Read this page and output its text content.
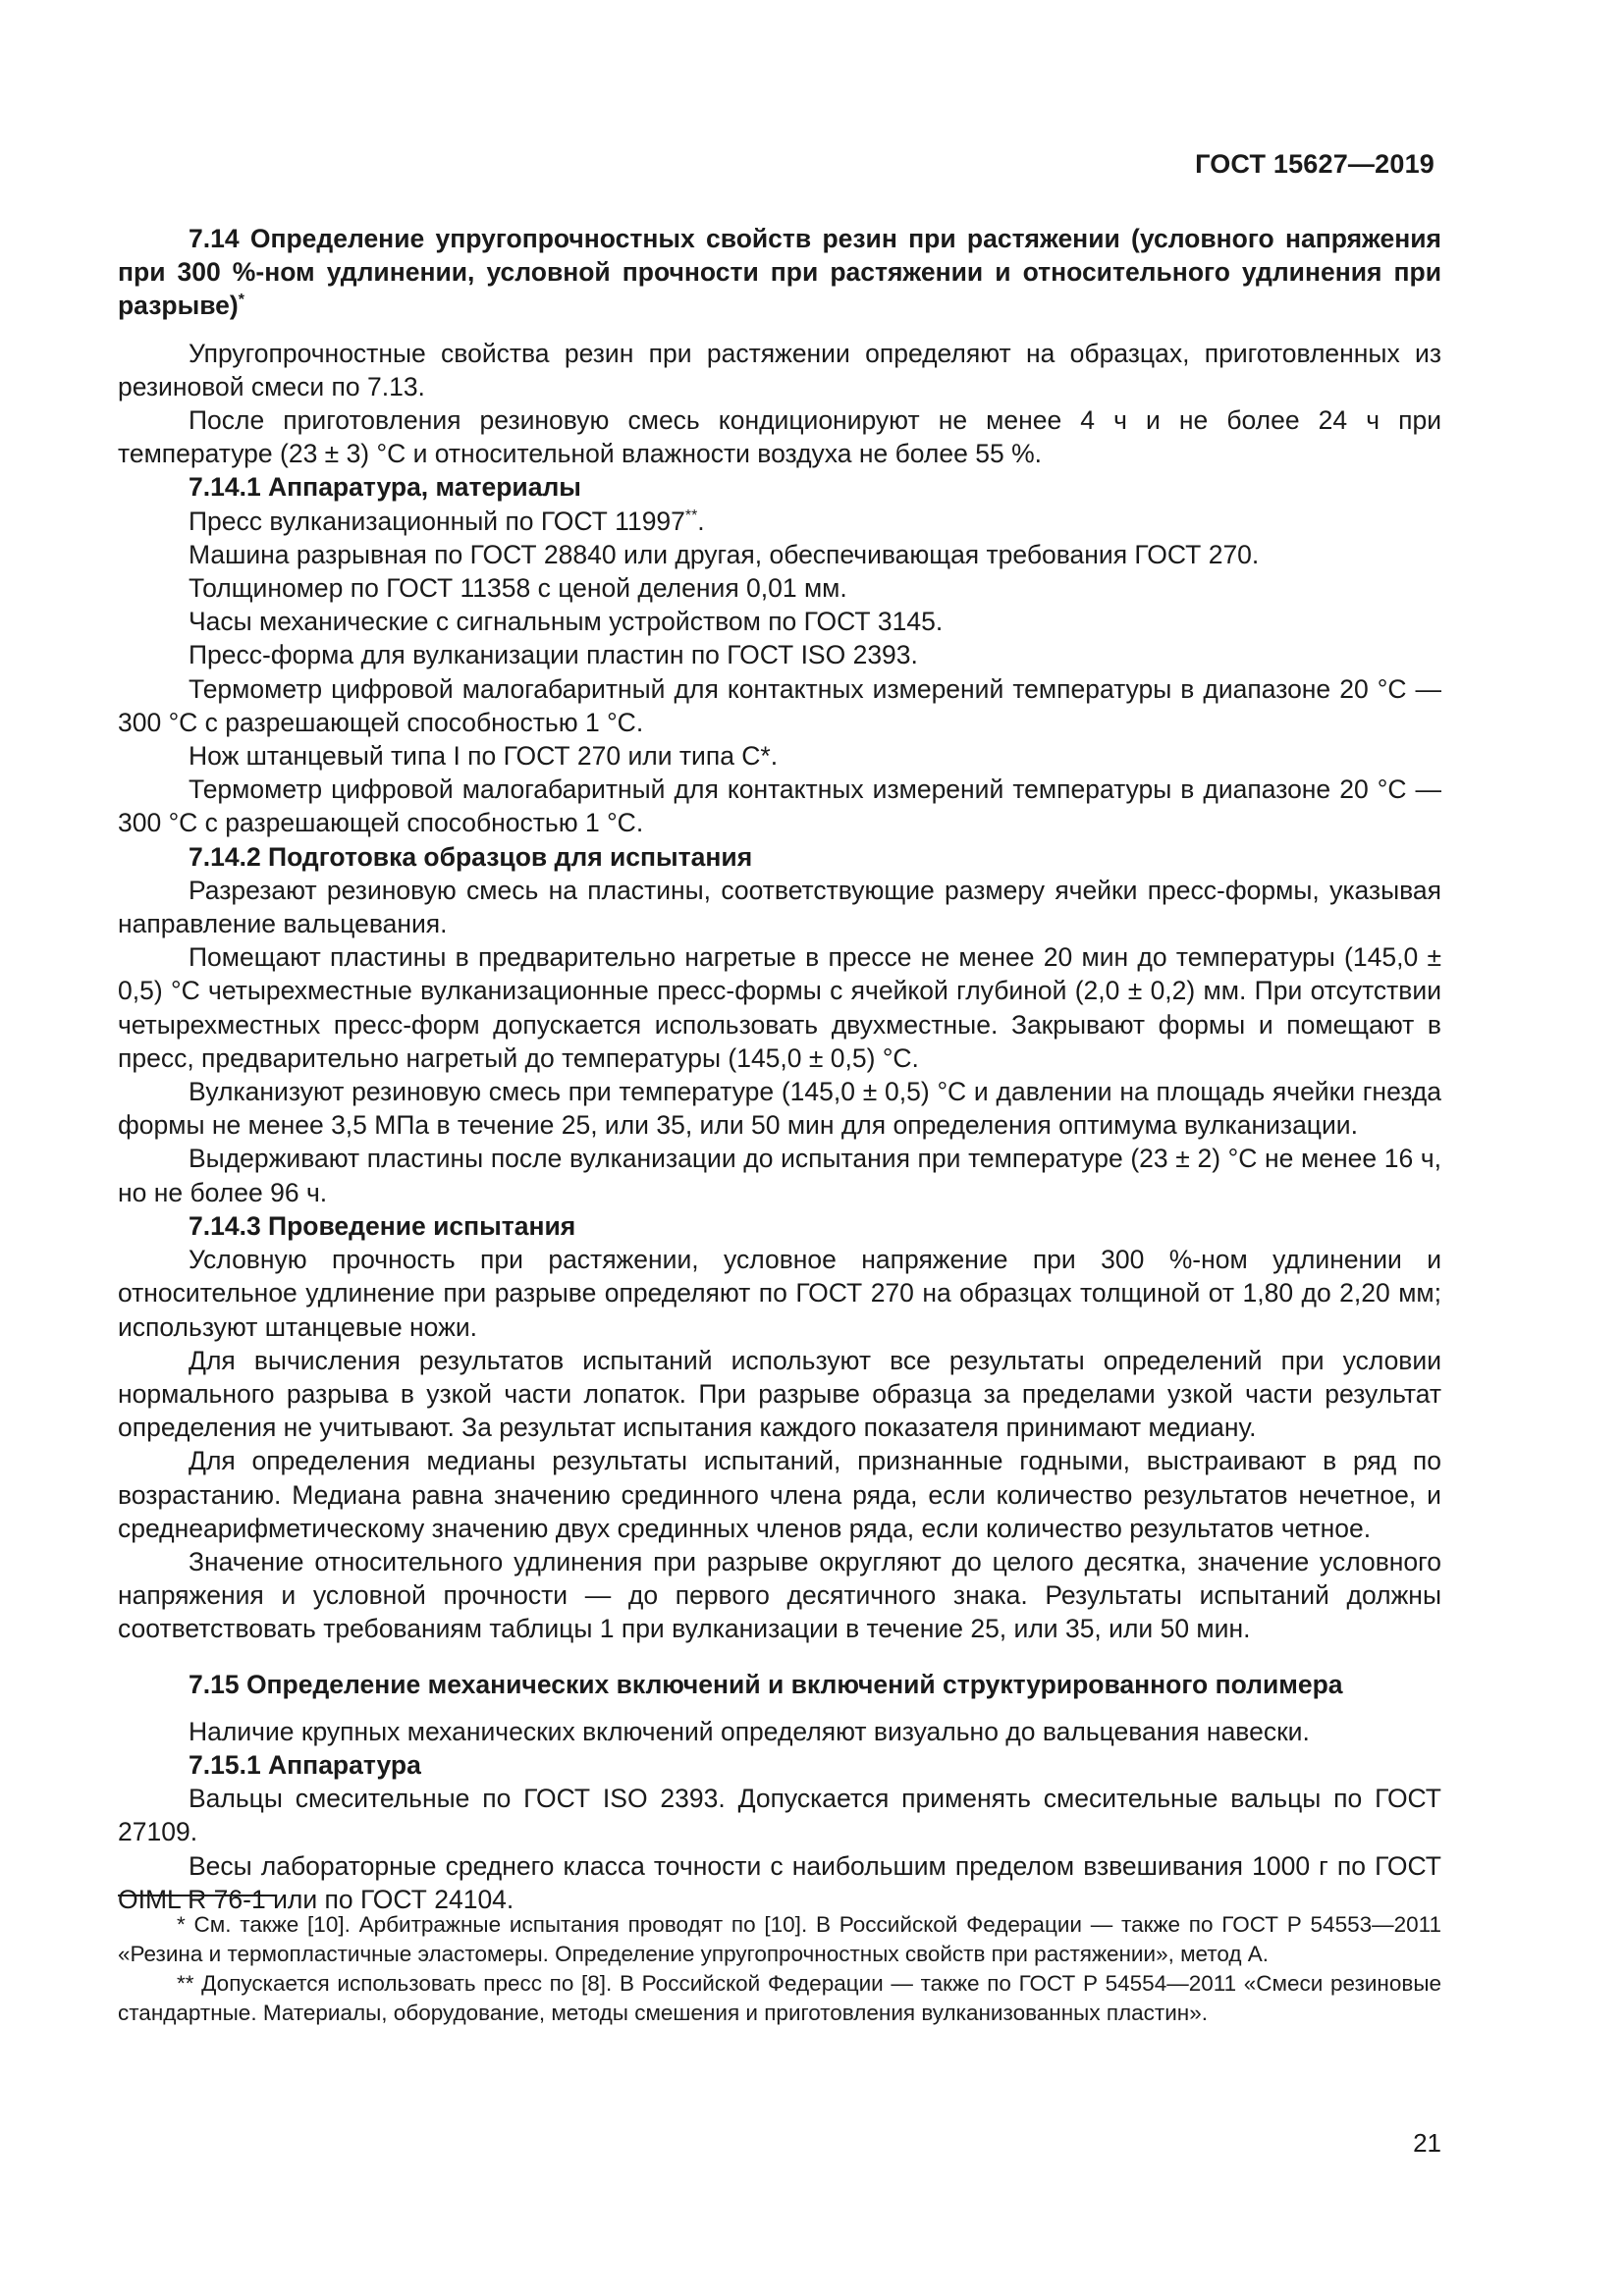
ГОСТ 15627—2019

7.14 Определение упругопрочностных свойств резин при растяжении (условного напряжения при 300 %-ном удлинении, условной прочности при растяжении и относительного удлинения при разрыве)*

Упругопрочностные свойства резин при растяжении определяют на образцах, приготовленных из резиновой смеси по 7.13.

После приготовления резиновую смесь кондиционируют не менее 4 ч и не более 24 ч при температуре (23 ± 3) °С и относительной влажности воздуха не более 55 %.

7.14.1 Аппаратура, материалы

Пресс вулканизационный по ГОСТ 11997**.

Машина разрывная по ГОСТ 28840 или другая, обеспечивающая требования ГОСТ 270.

Толщиномер по ГОСТ 11358 с ценой деления 0,01 мм.

Часы механические с сигнальным устройством по ГОСТ 3145.

Пресс-форма для вулканизации пластин по ГОСТ ISO 2393.

Термометр цифровой малогабаритный для контактных измерений температуры в диапазоне 20 °С — 300 °С с разрешающей способностью 1 °С.

Нож штанцевый типа I по ГОСТ 270 или типа С*.

Термометр цифровой малогабаритный для контактных измерений температуры в диапазоне 20 °С — 300 °С с разрешающей способностью 1 °С.

7.14.2 Подготовка образцов для испытания

Разрезают резиновую смесь на пластины, соответствующие размеру ячейки пресс-формы, указывая направление вальцевания.

Помещают пластины в предварительно нагретые в прессе не менее 20 мин до температуры (145,0 ± 0,5) °С четырехместные вулканизационные пресс-формы с ячейкой глубиной (2,0 ± 0,2) мм. При отсутствии четырехместных пресс-форм допускается использовать двухместные. Закрывают формы и помещают в пресс, предварительно нагретый до температуры (145,0 ± 0,5) °С.

Вулканизуют резиновую смесь при температуре (145,0 ± 0,5) °С и давлении на площадь ячейки гнезда формы не менее 3,5 МПа в течение 25, или 35, или 50 мин для определения оптимума вулканизации.

Выдерживают пластины после вулканизации до испытания при температуре (23 ± 2) °С не менее 16 ч, но не более 96 ч.

7.14.3 Проведение испытания

Условную прочность при растяжении, условное напряжение при 300 %-ном удлинении и относительное удлинение при разрыве определяют по ГОСТ 270 на образцах толщиной от 1,80 до 2,20 мм; используют штанцевые ножи.

Для вычисления результатов испытаний используют все результаты определений при условии нормального разрыва в узкой части лопаток. При разрыве образца за пределами узкой части результат определения не учитывают. За результат испытания каждого показателя принимают медиану.

Для определения медианы результаты испытаний, признанные годными, выстраивают в ряд по возрастанию. Медиана равна значению срединного члена ряда, если количество результатов нечетное, и среднеарифметическому значению двух срединных членов ряда, если количество результатов четное.

Значение относительного удлинения при разрыве округляют до целого десятка, значение условного напряжения и условной прочности — до первого десятичного знака. Результаты испытаний должны соответствовать требованиям таблицы 1 при вулканизации в течение 25, или 35, или 50 мин.

7.15 Определение механических включений и включений структурированного полимера

Наличие крупных механических включений определяют визуально до вальцевания навески.

7.15.1 Аппаратура

Вальцы смесительные по ГОСТ ISO 2393. Допускается применять смесительные вальцы по ГОСТ 27109.

Весы лабораторные среднего класса точности с наибольшим пределом взвешивания 1000 г по ГОСТ OIML R 76-1 или по ГОСТ 24104.

* См. также [10]. Арбитражные испытания проводят по [10]. В Российской Федерации — также по ГОСТ Р 54553—2011 «Резина и термопластичные эластомеры. Определение упругопрочностных свойств при растяжении», метод А.

** Допускается использовать пресс по [8]. В Российской Федерации — также по ГОСТ Р 54554—2011 «Смеси резиновые стандартные. Материалы, оборудование, методы смешения и приготовления вулканизованных пластин».

21
